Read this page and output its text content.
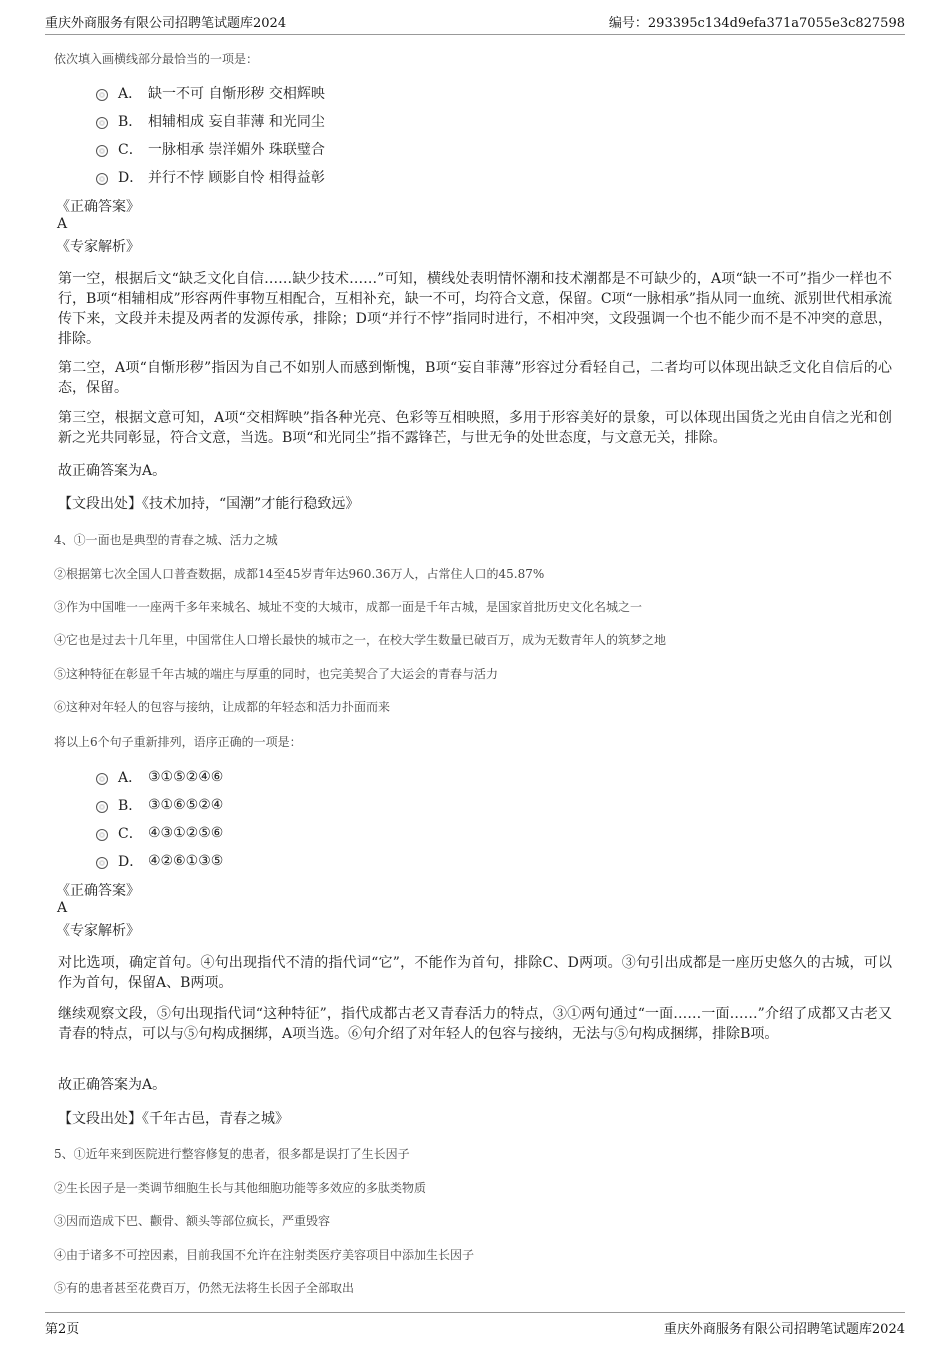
重庆外商服务有限公司招聘笔试题库2024	编号：293395c134d9efa371a7055e3c827598
依次填入画横线部分最恰当的一项是：
A． 缺一不可 自惭形秽 交相辉映
B． 相辅相成 妄自菲薄 和光同尘
C． 一脉相承 崇洋媚外 珠联璧合
D． 并行不悖 顾影自怜 相得益彰
《正确答案》
A
《专家解析》
第一空，根据后文“缺乏文化自信……缺少技术……”可知，横线处表明情怀潮和技术潮都是不可缺少的，A项“缺一不可”指少一样也不行，B项“相辅相成”形容两件事物互相配合，互相补充，缺一不可，均符合文意，保留。C项“一脉相承”指从同一血统、派别世代相承流传下来，文段并未提及两者的发源传承，排除；D项“并行不悖”指同时进行，不相冲突，文段强调一个也不能少而不是不冲突的意思，排除。
第二空，A项“自惭形秽”指因为自己不如别人而感到惭愧，B项“妄自菲薄”形容过分看轻自己，二者均可以体现出缺乏文化自信后的心态，保留。
第三空，根据文意可知，A项“交相辉映”指各种光亮、色彩等互相映照，多用于形容美好的景象，可以体现出国货之光由自信之光和创新之光共同彰显，符合文意，当选。B项“和光同尘”指不露锋芒，与世无争的处世态度，与文意无关，排除。
故正确答案为A。
【文段出处】《技术加持，“国潮”才能行稳致远》
4、①一面也是典型的青春之城、活力之城
②根据第七次全国人口普查数据，成都14至45岁青年达960.36万人，占常住人口的45.87%
③作为中国唯一一座两千多年来城名、城址不变的大城市，成都一面是千年古城，是国家首批历史文化名城之一
④它也是过去十几年里，中国常住人口增长最快的城市之一，在校大学生数量已破百万，成为无数青年人的筑梦之地
⑤这种特征在彰显千年古城的端庄与厚重的同时，也完美契合了大运会的青春与活力
⑥这种对年轻人的包容与接纳，让成都的年轻态和活力扑面而来
将以上6个句子重新排列，语序正确的一项是：
A． ③①⑤②④⑥
B． ③①⑥⑤②④
C． ④③①②⑤⑥
D． ④②⑥①③⑤
《正确答案》
A
《专家解析》
对比选项，确定首句。④句出现指代不清的指代词“它”，不能作为首句，排除C、D两项。③句引出成都是一座历史悠久的古城，可以作为首句，保留A、B两项。
继续观察文段，⑤句出现指代词“这种特征”，指代成都古老又青春活力的特点，③①两句通过“一面……一面……”介绍了成都又古老又青春的特点，可以与⑤句构成捆绑，A项当选。⑥句介绍了对年轻人的包容与接纳，无法与⑤句构成捆绑，排除B项。
故正确答案为A。
【文段出处】《千年古邑，青春之城》
5、①近年来到医院进行整容修复的患者，很多都是误打了生长因子
②生长因子是一类调节细胞生长与其他细胞功能等多效应的多肽类物质
③因而造成下巴、颧骨、额头等部位疯长，严重毁容
④由于诸多不可控因素，目前我国不允许在注射类医疗美容项目中添加生长因子
⑤有的患者甚至花费百万，仍然无法将生长因子全部取出
第2页	重庆外商服务有限公司招聘笔试题库2024
